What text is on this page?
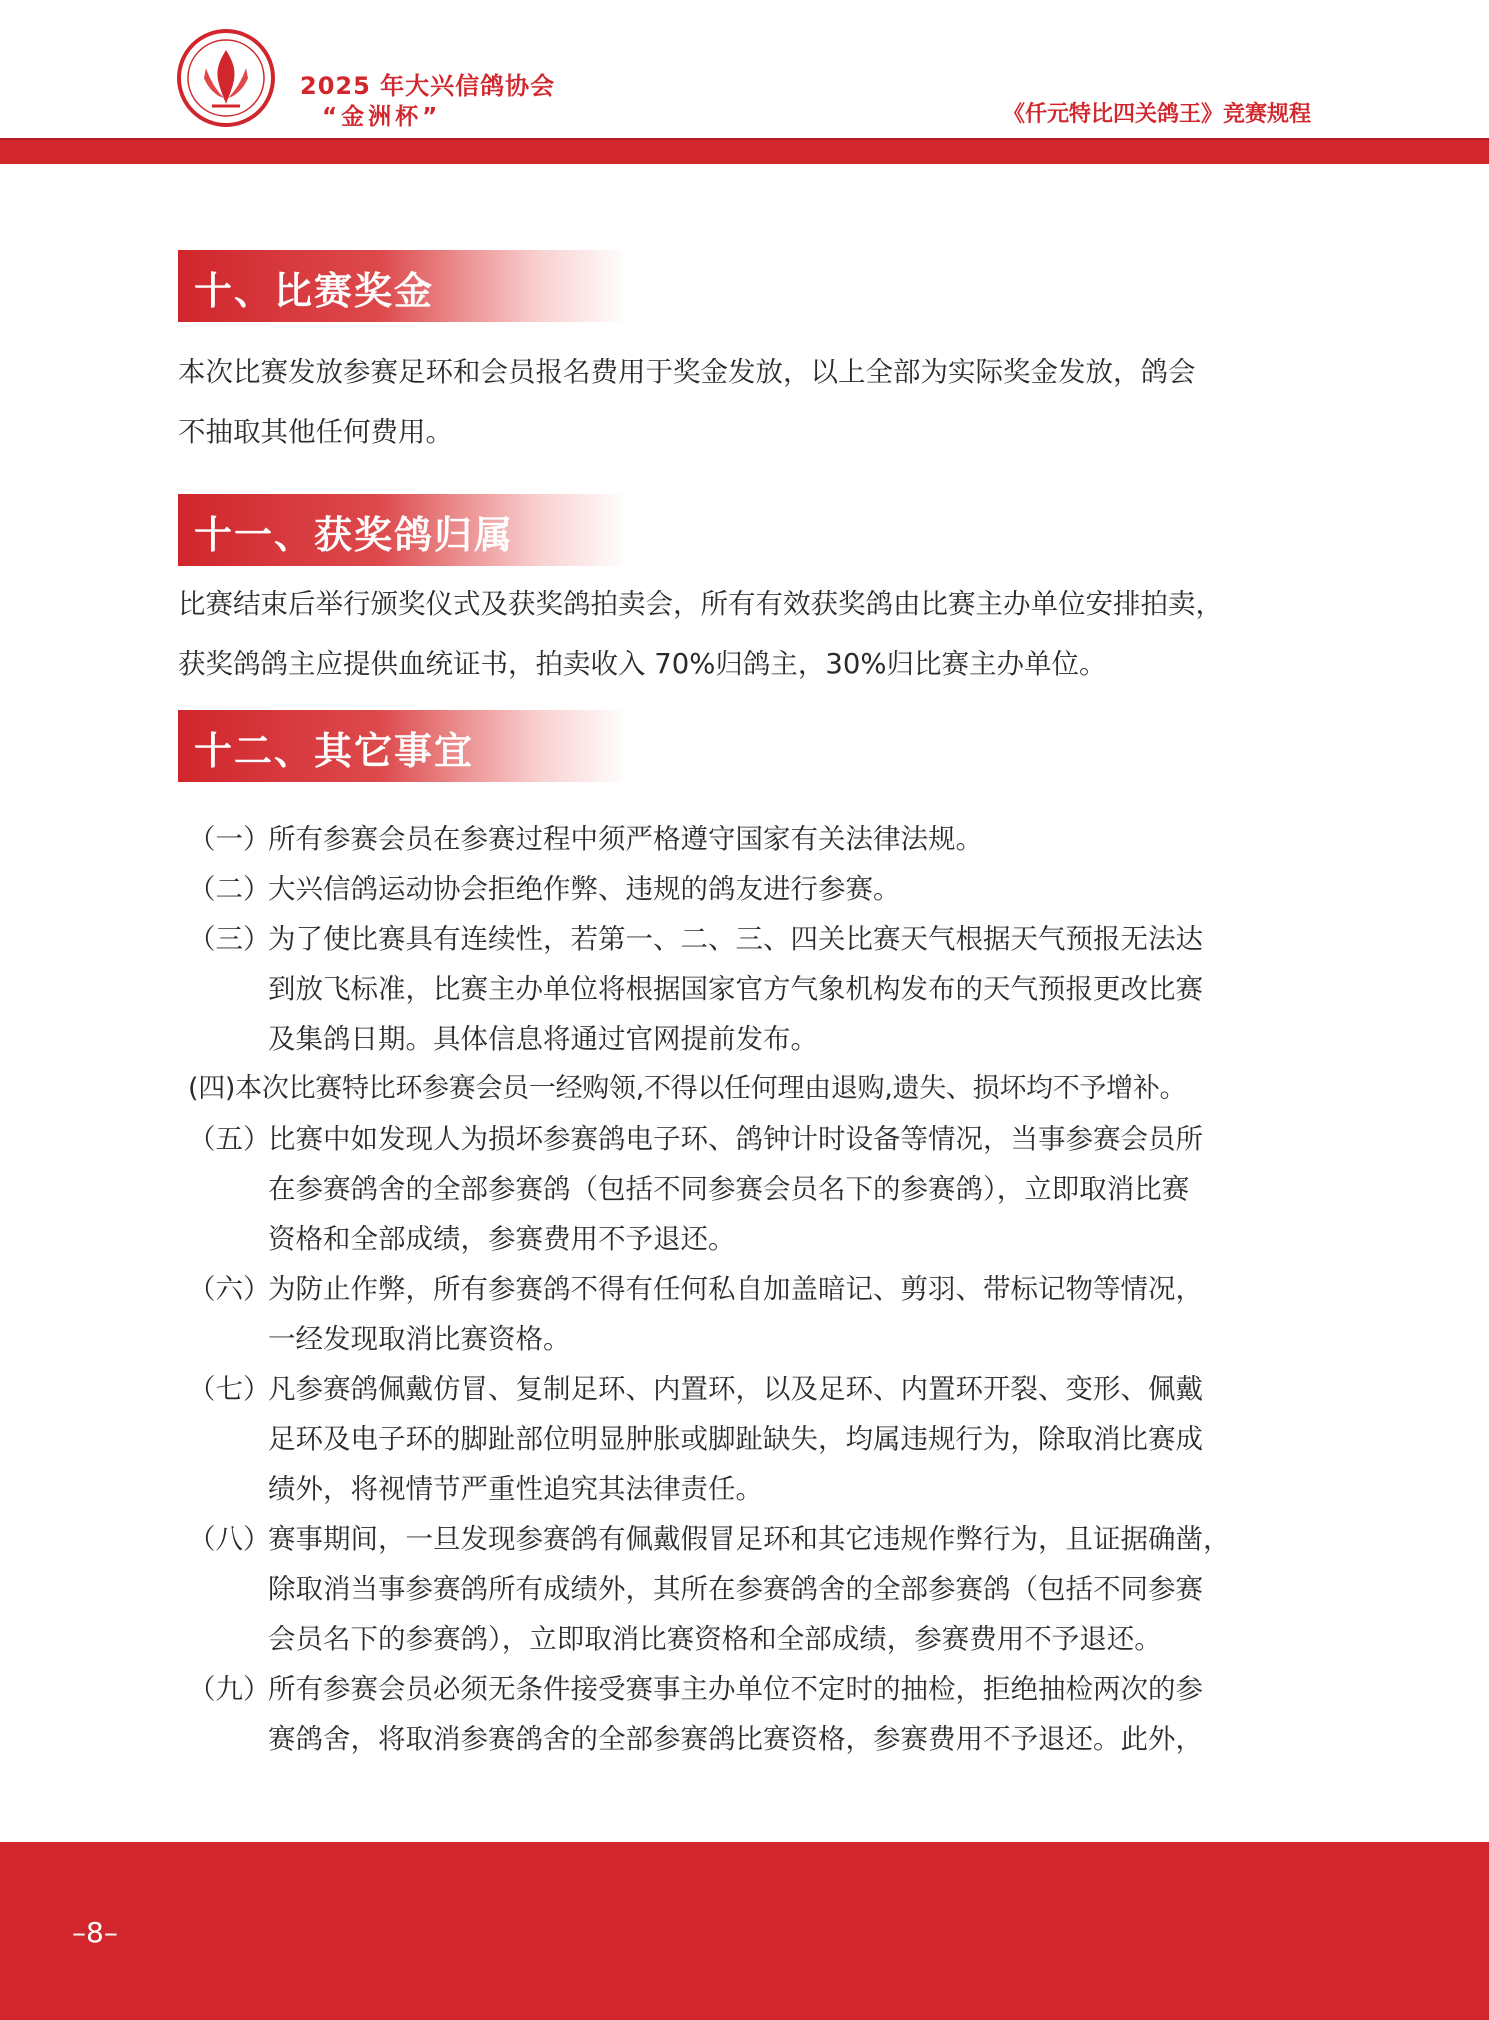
2025 年大兴信鸽协会
“金洲杯”	《仟元特比四关鸽王》竞赛规程
十、比赛奖金
本次比赛发放参赛足环和会员报名费用于奖金发放，以上全部为实际奖金发放，鸽会
不抽取其他任何费用。
十一、获奖鸽归属
比赛结束后举行颁奖仪式及获奖鸽拍卖会，所有有效获奖鸽由比赛主办单位安排拍卖，
获奖鸽鸽主应提供血统证书，拍卖收入 70%归鸽主，30%归比赛主办单位。
十二、其它事宜
（一）
所有参赛会员在参赛过程中须严格遵守国家有关法律法规。
（二）
大兴信鸽运动协会拒绝作弊、违规的鸽友进行参赛。
（三）
为了使比赛具有连续性，若第一、二、三、四关比赛天气根据天气预报无法达
到放飞标准，比赛主办单位将根据国家官方气象机构发布的天气预报更改比赛
及集鸽日期。具体信息将通过官网提前发布。
(四)本次比赛特比环参赛会员一经购领,不得以任何理由退购,遗失、损坏均不予增补。
（五）
比赛中如发现人为损坏参赛鸽电子环、鸽钟计时设备等情况，当事参赛会员所
在参赛鸽舍的全部参赛鸽（包括不同参赛会员名下的参赛鸽），立即取消比赛
资格和全部成绩，参赛费用不予退还。
（六）
为防止作弊，所有参赛鸽不得有任何私自加盖暗记、剪羽、带标记物等情况，
一经发现取消比赛资格。
（七）
凡参赛鸽佩戴仿冒、复制足环、内置环，以及足环、内置环开裂、变形、佩戴
足环及电子环的脚趾部位明显肿胀或脚趾缺失，均属违规行为，除取消比赛成
绩外，将视情节严重性追究其法律责任。
（八）
赛事期间，一旦发现参赛鸽有佩戴假冒足环和其它违规作弊行为，且证据确凿，
除取消当事参赛鸽所有成绩外，其所在参赛鸽舍的全部参赛鸽（包括不同参赛
会员名下的参赛鸽），立即取消比赛资格和全部成绩，参赛费用不予退还。
（九）
所有参赛会员必须无条件接受赛事主办单位不定时的抽检，拒绝抽检两次的参
赛鸽舍，将取消参赛鸽舍的全部参赛鸽比赛资格，参赛费用不予退还。此外，
–8–
